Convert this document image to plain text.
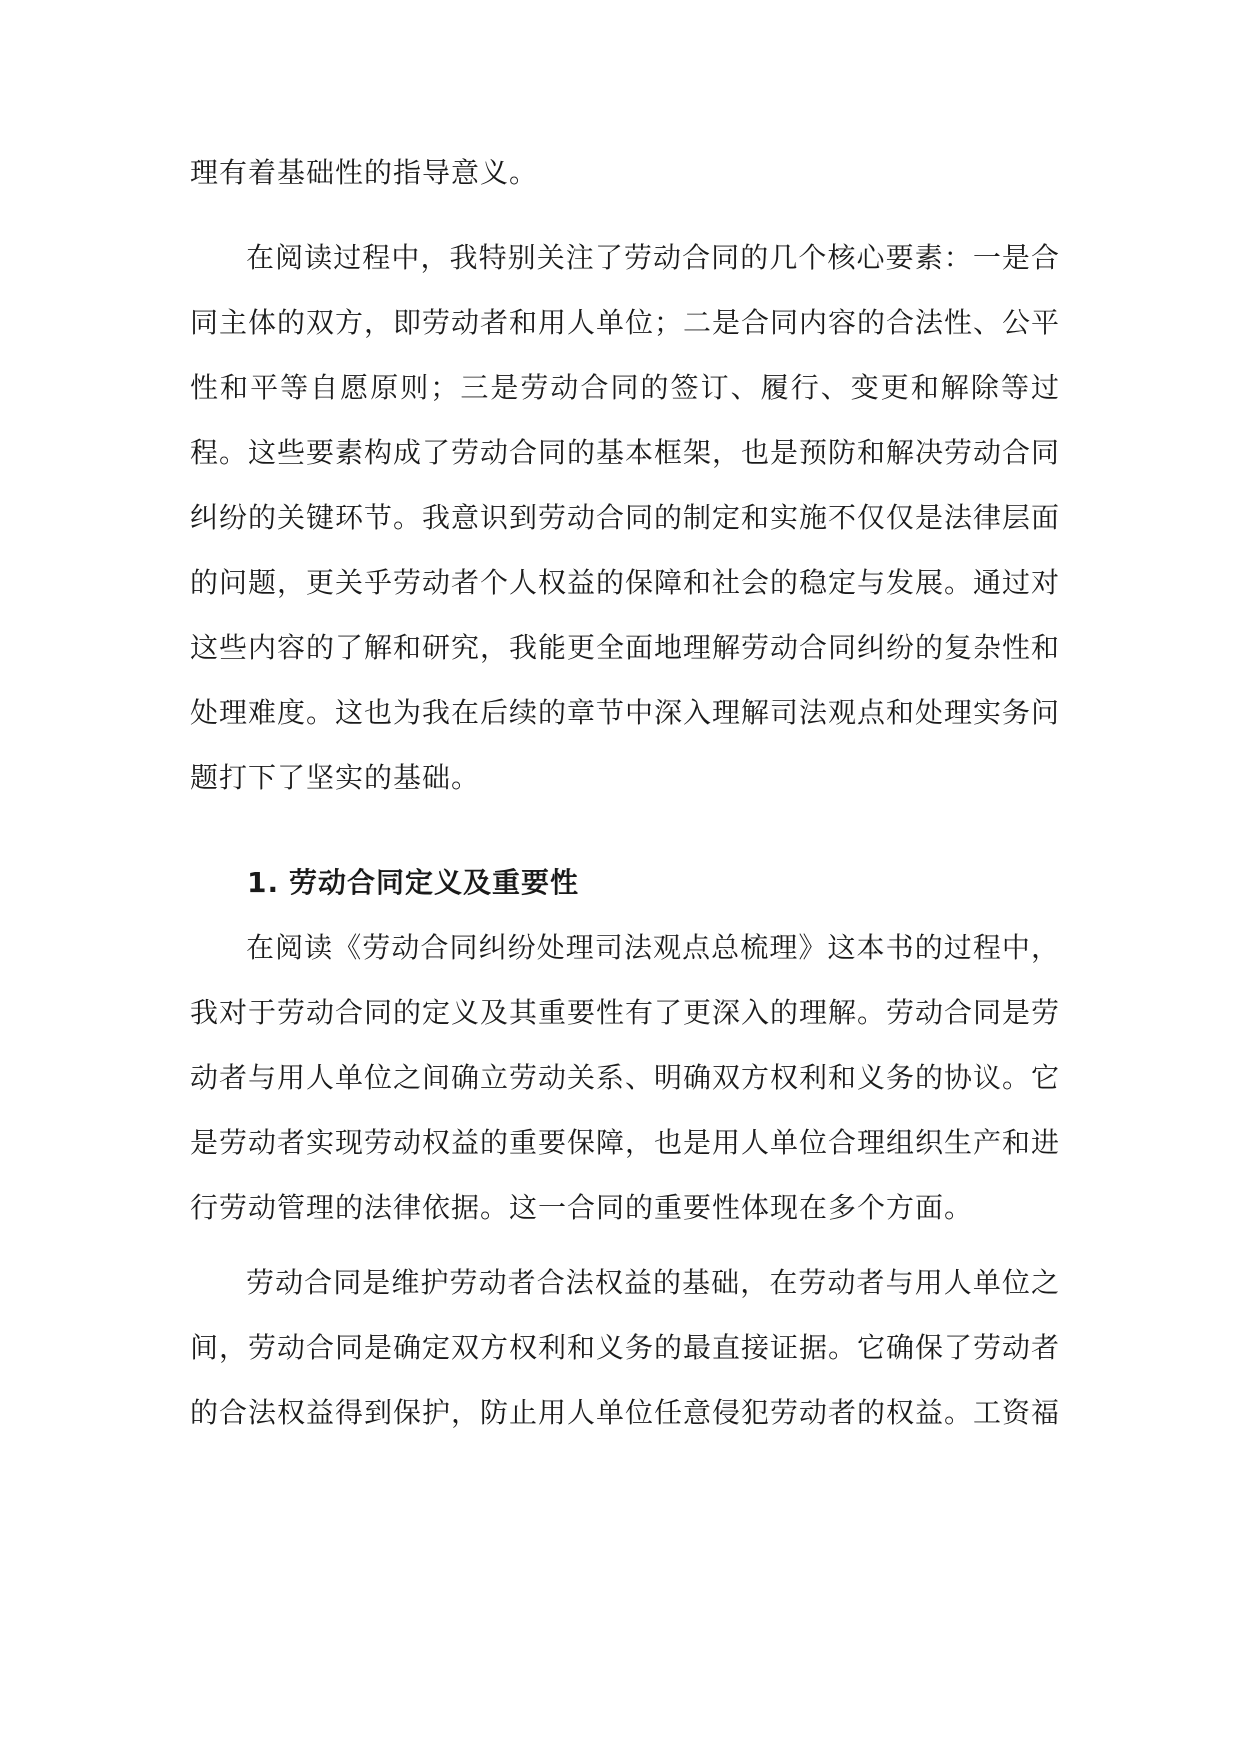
理有着基础性的指导意义。

在阅读过程中，我特别关注了劳动合同的几个核心要素：一是合同主体的双方，即劳动者和用人单位；二是合同内容的合法性、公平性和平等自愿原则；三是劳动合同的签订、履行、变更和解除等过程。这些要素构成了劳动合同的基本框架，也是预防和解决劳动合同纠纷的关键环节。我意识到劳动合同的制定和实施不仅仅是法律层面的问题，更关乎劳动者个人权益的保障和社会的稳定与发展。通过对这些内容的了解和研究，我能更全面地理解劳动合同纠纷的复杂性和处理难度。这也为我在后续的章节中深入理解司法观点和处理实务问题打下了坚实的基础。

1. 劳动合同定义及重要性

在阅读《劳动合同纠纷处理司法观点总梳理》这本书的过程中，我对于劳动合同的定义及其重要性有了更深入的理解。劳动合同是劳动者与用人单位之间确立劳动关系、明确双方权利和义务的协议。它是劳动者实现劳动权益的重要保障，也是用人单位合理组织生产和进行劳动管理的法律依据。这一合同的重要性体现在多个方面。

劳动合同是维护劳动者合法权益的基础，在劳动者与用人单位之间，劳动合同是确定双方权利和义务的最直接证据。它确保了劳动者的合法权益得到保护，防止用人单位任意侵犯劳动者的权益。工资福
